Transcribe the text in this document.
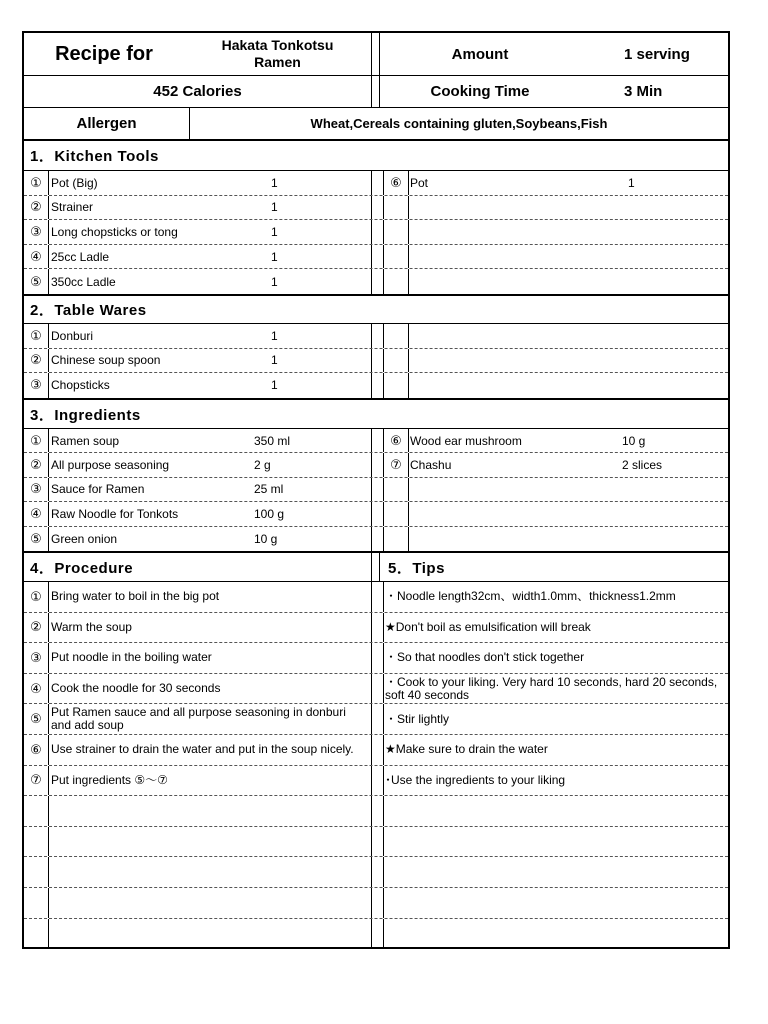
Recipe for	Hakata Tonkotsu Ramen	Amount	1 serving
452 Calories	Cooking Time	3 Min
Allergen	Wheat,Cereals containing gluten,Soybeans,Fish
1．Kitchen Tools
2．Table Wares
3．Ingredients
4．Procedure	5．Tips
① Pot (Big)	1	⑥ Pot	1
② Strainer	1
③ Long chopsticks or tong	1
④ 25cc Ladle	1
⑤ 350cc Ladle	1
① Donburi	1
② Chinese soup spoon	1
③ Chopsticks	1
① Ramen soup	350 ml	⑥ Wood ear mushroom	10 g
② All purpose seasoning	2 g	⑦ Chashu	2 slices
③ Sauce for Ramen	25 ml
④ Raw Noodle for Tonkots	100 g
⑤ Green onion	10 g
① Bring water to boil in the big pot	・Noodle length32cm、width1.0mm、thickness1.2mm
② Warm the soup	★Don't boil as emulsification will break
③ Put noodle in the boiling water	・So that noodles don't stick together
④ Cook the noodle for 30 seconds	・Cook to your liking. Very hard 10 seconds, hard 20 seconds, soft 40 seconds
⑤ Put Ramen sauce and all purpose seasoning in donburi and add soup	・Stir lightly
⑥ Use strainer to drain the water and put in the soup nicely.	★Make sure to drain the water
⑦ Put ingredients ⑤～⑦	･Use the ingredients to your liking
